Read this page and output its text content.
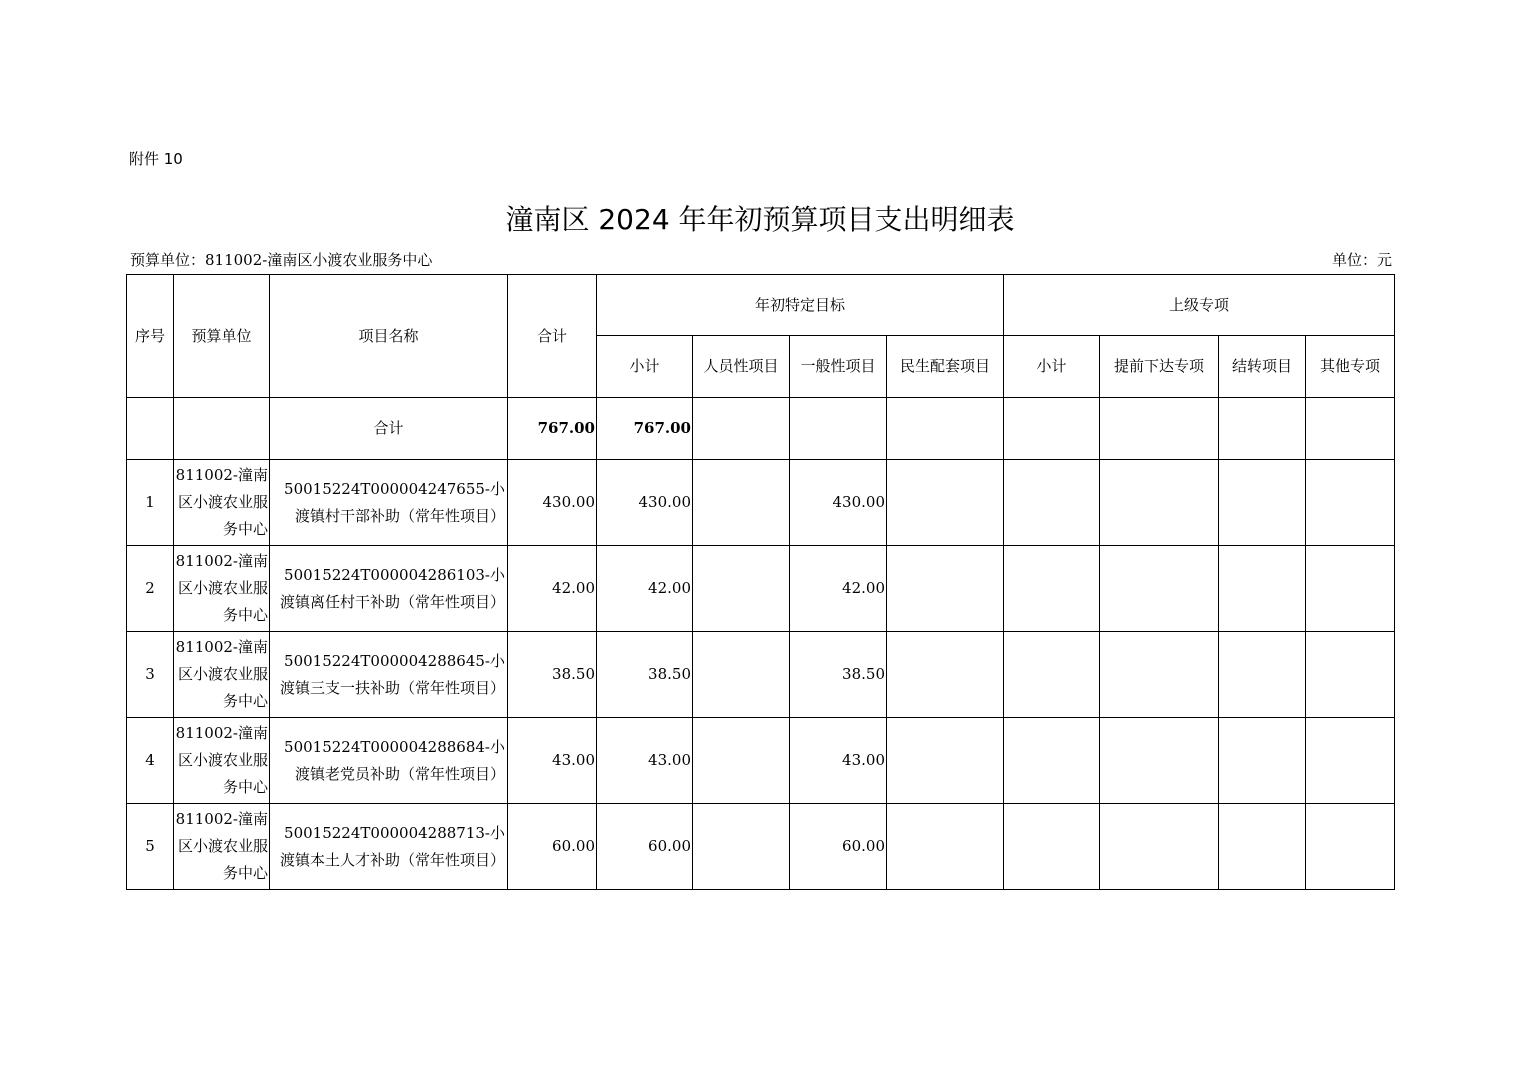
附件 10
潼南区 2024 年年初预算项目支出明细表
预算单位：811002-潼南区小渡农业服务中心	单位：元
序号	预算单位	项目名称	合计	年初特定目标				上级专项			
				小计	人员性项目	一般性项目	民生配套项目	小计	提前下达专项	结转项目	其他专项
		合计	767.00	767.00							
1	811002-潼南区小渡农业服务中心	50015224T000004247655-小渡镇村干部补助（常年性项目）	430.00	430.00		430.00					
2	811002-潼南区小渡农业服务中心	50015224T000004286103-小渡镇离任村干补助（常年性项目）	42.00	42.00		42.00					
3	811002-潼南区小渡农业服务中心	50015224T000004288645-小渡镇三支一扶补助（常年性项目）	38.50	38.50		38.50					
4	811002-潼南区小渡农业服务中心	50015224T000004288684-小渡镇老党员补助（常年性项目）	43.00	43.00		43.00					
5	811002-潼南区小渡农业服务中心	50015224T000004288713-小渡镇本土人才补助（常年性项目）	60.00	60.00		60.00					
